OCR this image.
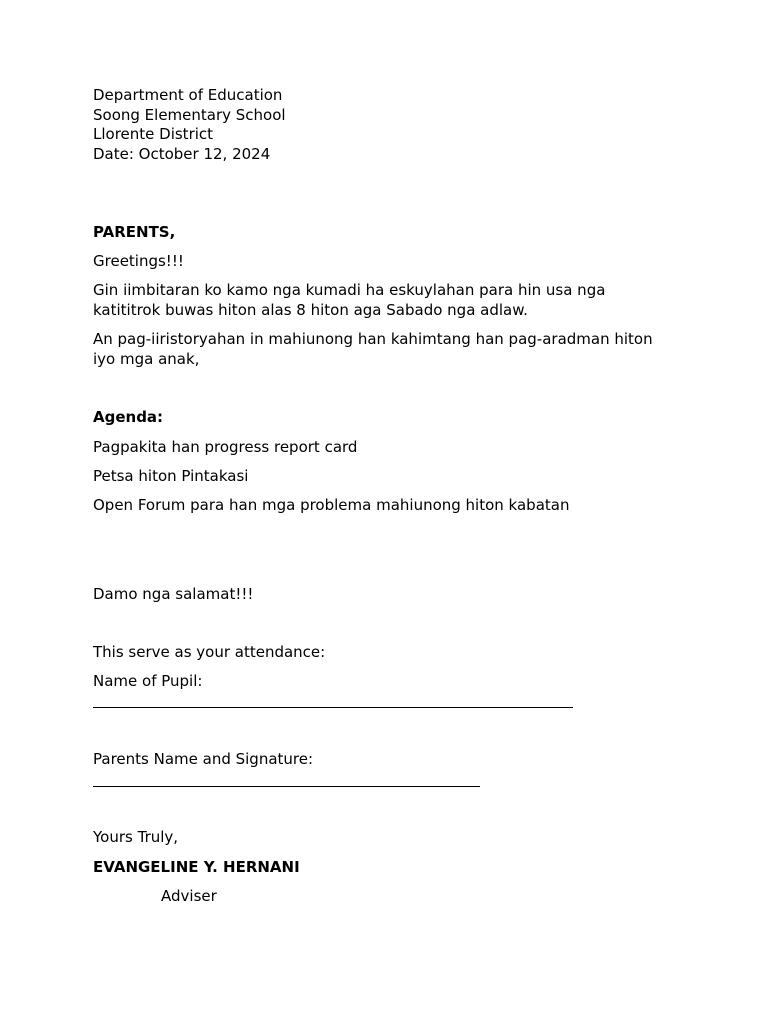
Department of Education

Soong Elementary School

Llorente District

Date: October 12, 2024

PARENTS,
Greetings!!!

Gin iimbitaran ko kamo nga kumadi ha eskuylahan para hin usa nga

katititrok buwas hiton alas 8 hiton aga Sabado nga adlaw.

An pag-iiristoryahan in mahiunong han kahimtang han pag-aradman hiton

iyo mga anak,

Agenda:
Pagpakita han progress report card
Petsa hiton Pintakasi
Open Forum para han mga problema mahiunong hiton kabatan
Damo nga salamat!!!
This serve as your attendance:
Name of Pupil:
Parents Name and Signature:
Yours Truly,
EVANGELINE Y. HERNANI
Adviser
